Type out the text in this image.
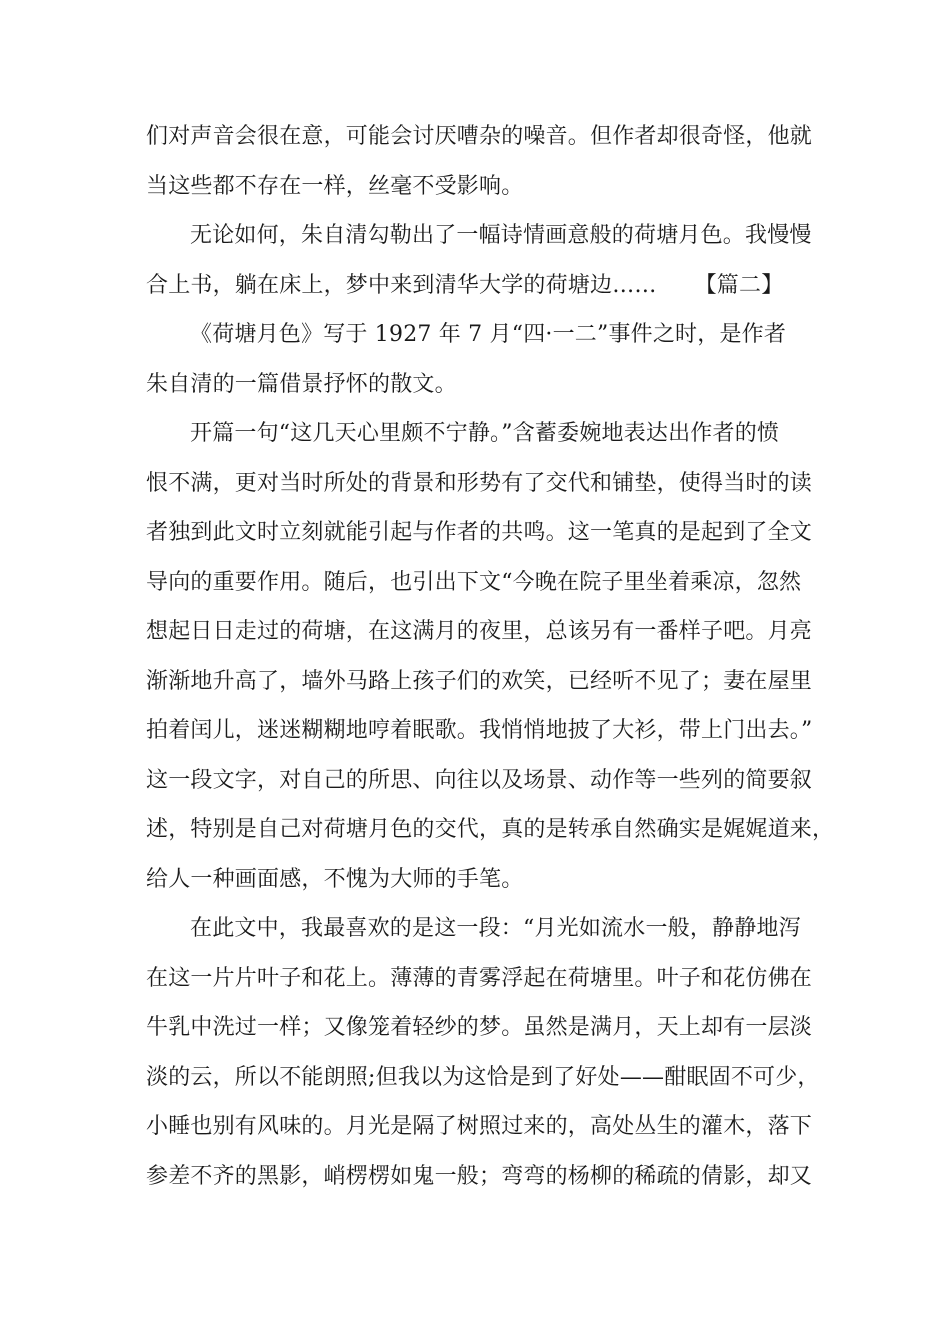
们对声音会很在意，可能会讨厌嘈杂的噪音。但作者却很奇怪，他就
当这些都不存在一样，丝毫不受影响。
无论如何，朱自清勾勒出了一幅诗情画意般的荷塘月色。我慢慢
合上书，躺在床上，梦中来到清华大学的荷塘边…… 【篇二】
《荷塘月色》写于 1927 年 7 月“四·一二”事件之时，是作者
朱自清的一篇借景抒怀的散文。
开篇一句“这几天心里颇不宁静。”含蓄委婉地表达出作者的愤
恨不满，更对当时所处的背景和形势有了交代和铺垫，使得当时的读
者独到此文时立刻就能引起与作者的共鸣。这一笔真的是起到了全文
导向的重要作用。随后，也引出下文“今晚在院子里坐着乘凉，忽然
想起日日走过的荷塘，在这满月的夜里，总该另有一番样子吧。月亮
渐渐地升高了，墙外马路上孩子们的欢笑，已经听不见了；妻在屋里
拍着闰儿，迷迷糊糊地哼着眠歌。我悄悄地披了大衫，带上门出去。”
这一段文字，对自己的所思、向往以及场景、动作等一些列的简要叙
述，特别是自己对荷塘月色的交代，真的是转承自然确实是娓娓道来，
给人一种画面感，不愧为大师的手笔。
在此文中，我最喜欢的是这一段：“月光如流水一般，静静地泻
在这一片片叶子和花上。薄薄的青雾浮起在荷塘里。叶子和花仿佛在
牛乳中洗过一样；又像笼着轻纱的梦。虽然是满月，天上却有一层淡
淡的云，所以不能朗照;但我以为这恰是到了好处——酣眠固不可少，
小睡也别有风味的。月光是隔了树照过来的，高处丛生的灌木，落下
参差不齐的黑影，峭楞楞如鬼一般；弯弯的杨柳的稀疏的倩影，却又
